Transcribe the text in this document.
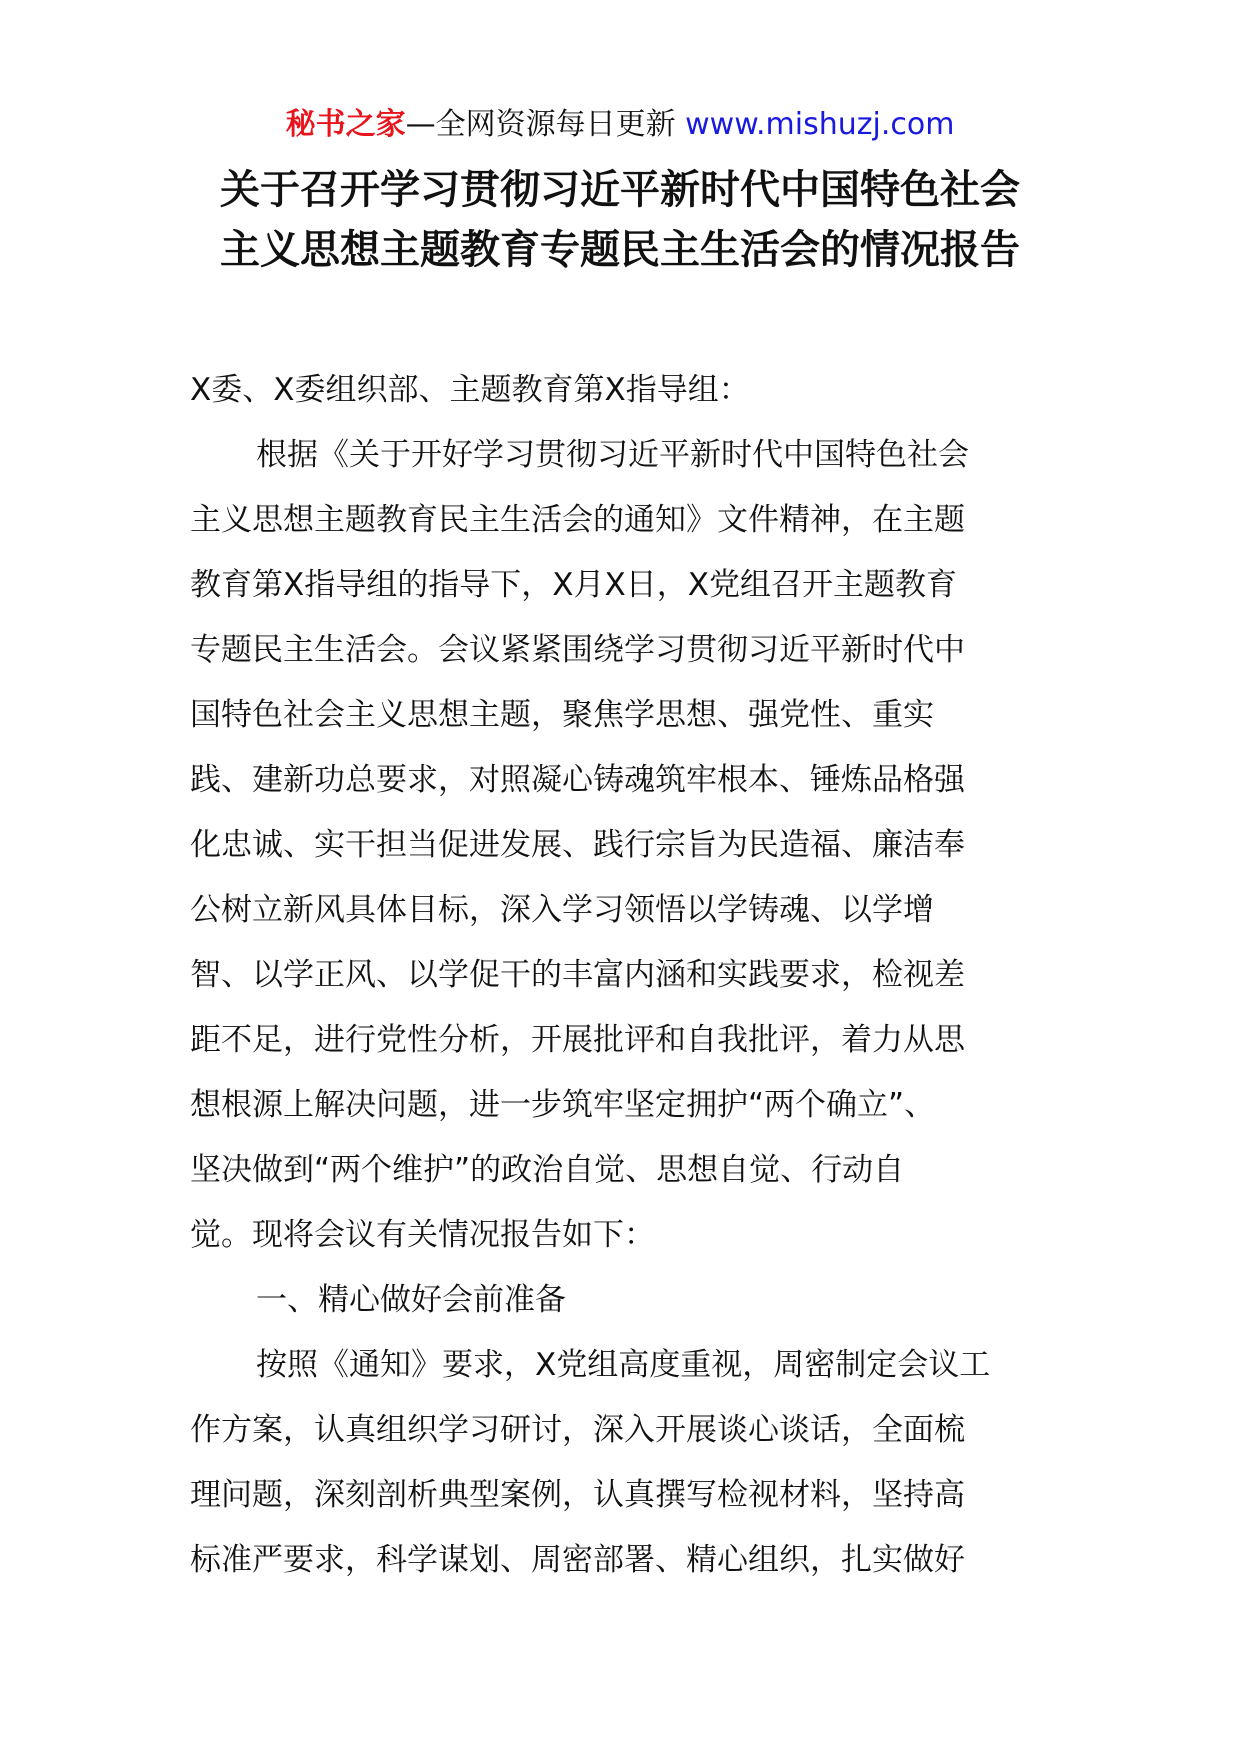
秘书之家—全网资源每日更新 www.mishuzj.com
关于召开学习贯彻习近平新时代中国特色社会
主义思想主题教育专题民主生活会的情况报告
X委、X委组织部、主题教育第X指导组：
根据《关于开好学习贯彻习近平新时代中国特色社会
主义思想主题教育民主生活会的通知》文件精神，在主题
教育第X指导组的指导下，X月X日，X党组召开主题教育
专题民主生活会。会议紧紧围绕学习贯彻习近平新时代中
国特色社会主义思想主题，聚焦学思想、强党性、重实
践、建新功总要求，对照凝心铸魂筑牢根本、锤炼品格强
化忠诚、实干担当促进发展、践行宗旨为民造福、廉洁奉
公树立新风具体目标，深入学习领悟以学铸魂、以学增
智、以学正风、以学促干的丰富内涵和实践要求，检视差
距不足，进行党性分析，开展批评和自我批评，着力从思
想根源上解决问题，进一步筑牢坚定拥护“两个确立”、
坚决做到“两个维护”的政治自觉、思想自觉、行动自
觉。现将会议有关情况报告如下：
一、精心做好会前准备
按照《通知》要求，X党组高度重视，周密制定会议工
作方案，认真组织学习研讨，深入开展谈心谈话，全面梳
理问题，深刻剖析典型案例，认真撰写检视材料，坚持高
标准严要求，科学谋划、周密部署、精心组织，扎实做好
